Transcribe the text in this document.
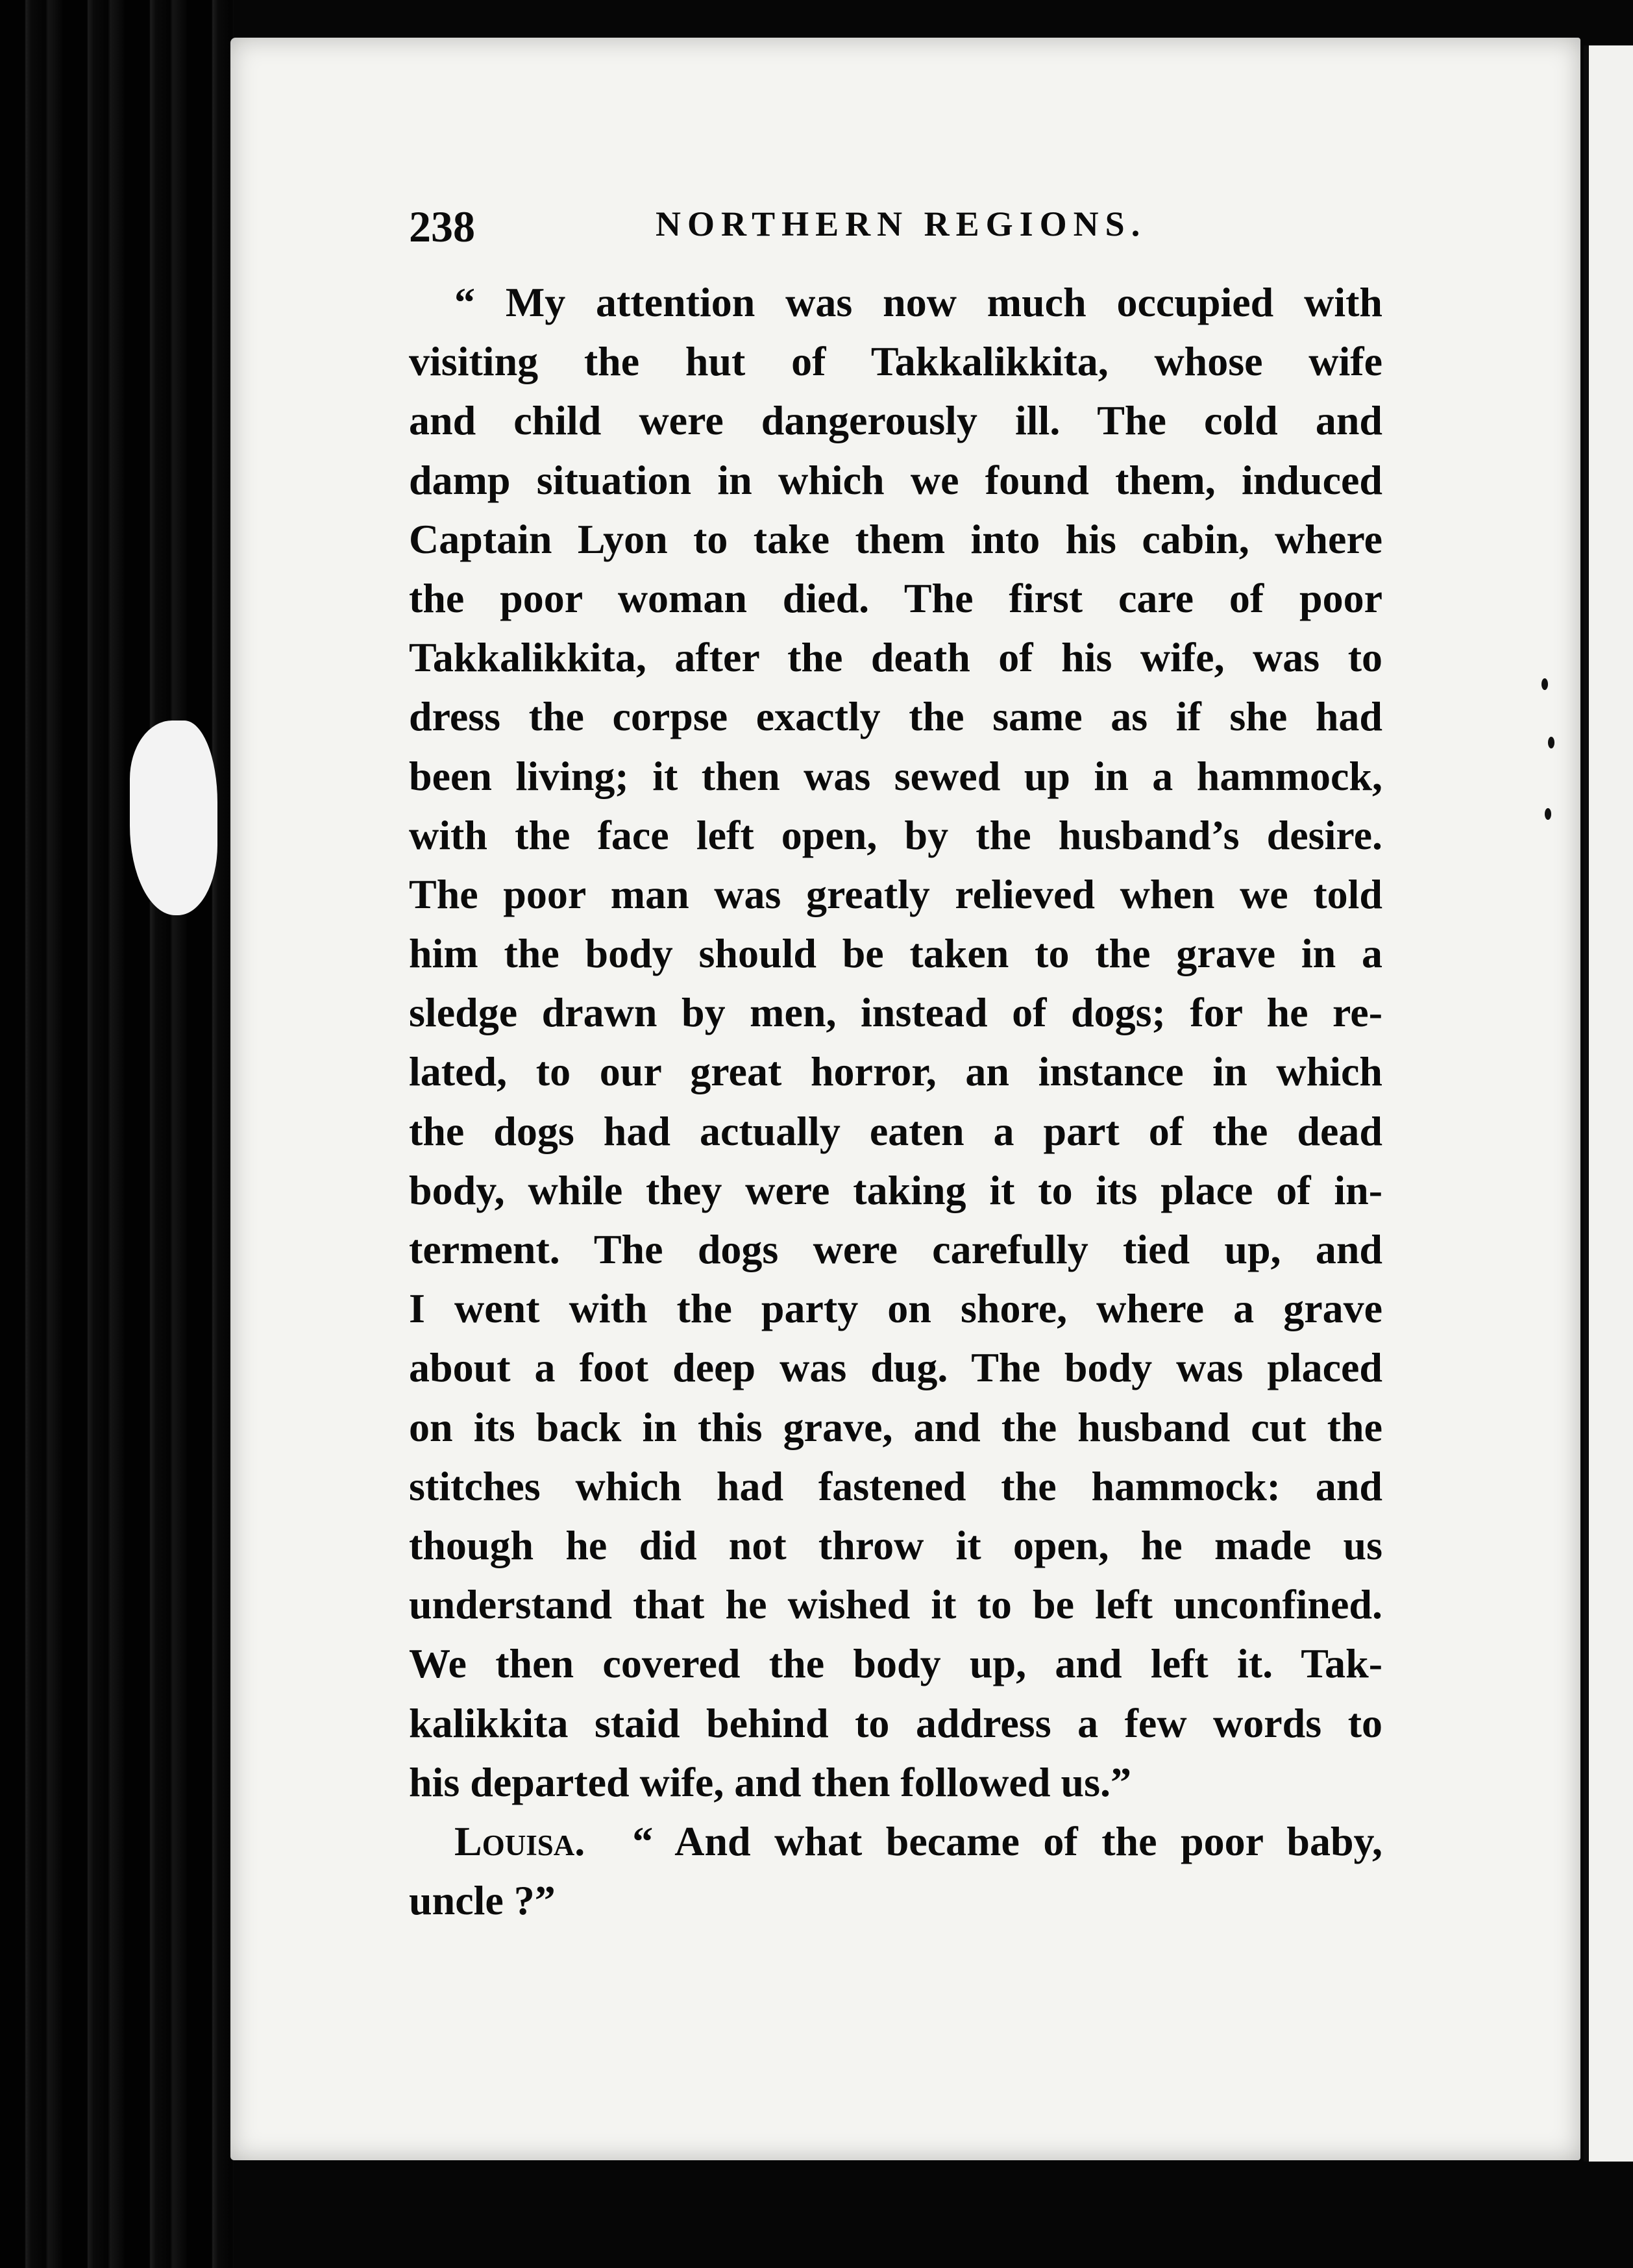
238	NORTHERN REGIONS.
“ My attention was now much occupied with
visiting the hut of Takkalikkita, whose wife
and child were dangerously ill. The cold and
damp situation in which we found them, induced
Captain Lyon to take them into his cabin, where
the poor woman died. The first care of poor
Takkalikkita, after the death of his wife, was to
dress the corpse exactly the same as if she had
been living; it then was sewed up in a hammock,
with the face left open, by the husband’s desire.
The poor man was greatly relieved when we told
him the body should be taken to the grave in a
sledge drawn by men, instead of dogs; for he re-
lated, to our great horror, an instance in which
the dogs had actually eaten a part of the dead
body, while they were taking it to its place of in-
terment. The dogs were carefully tied up, and
I went with the party on shore, where a grave
about a foot deep was dug. The body was placed
on its back in this grave, and the husband cut the
stitches which had fastened the hammock: and
though he did not throw it open, he made us
understand that he wished it to be left unconfined.
We then covered the body up, and left it. Tak-
kalikkita staid behind to address a few words to
his departed wife, and then followed us.”
Louisa. “ And what became of the poor baby,
uncle ?”
